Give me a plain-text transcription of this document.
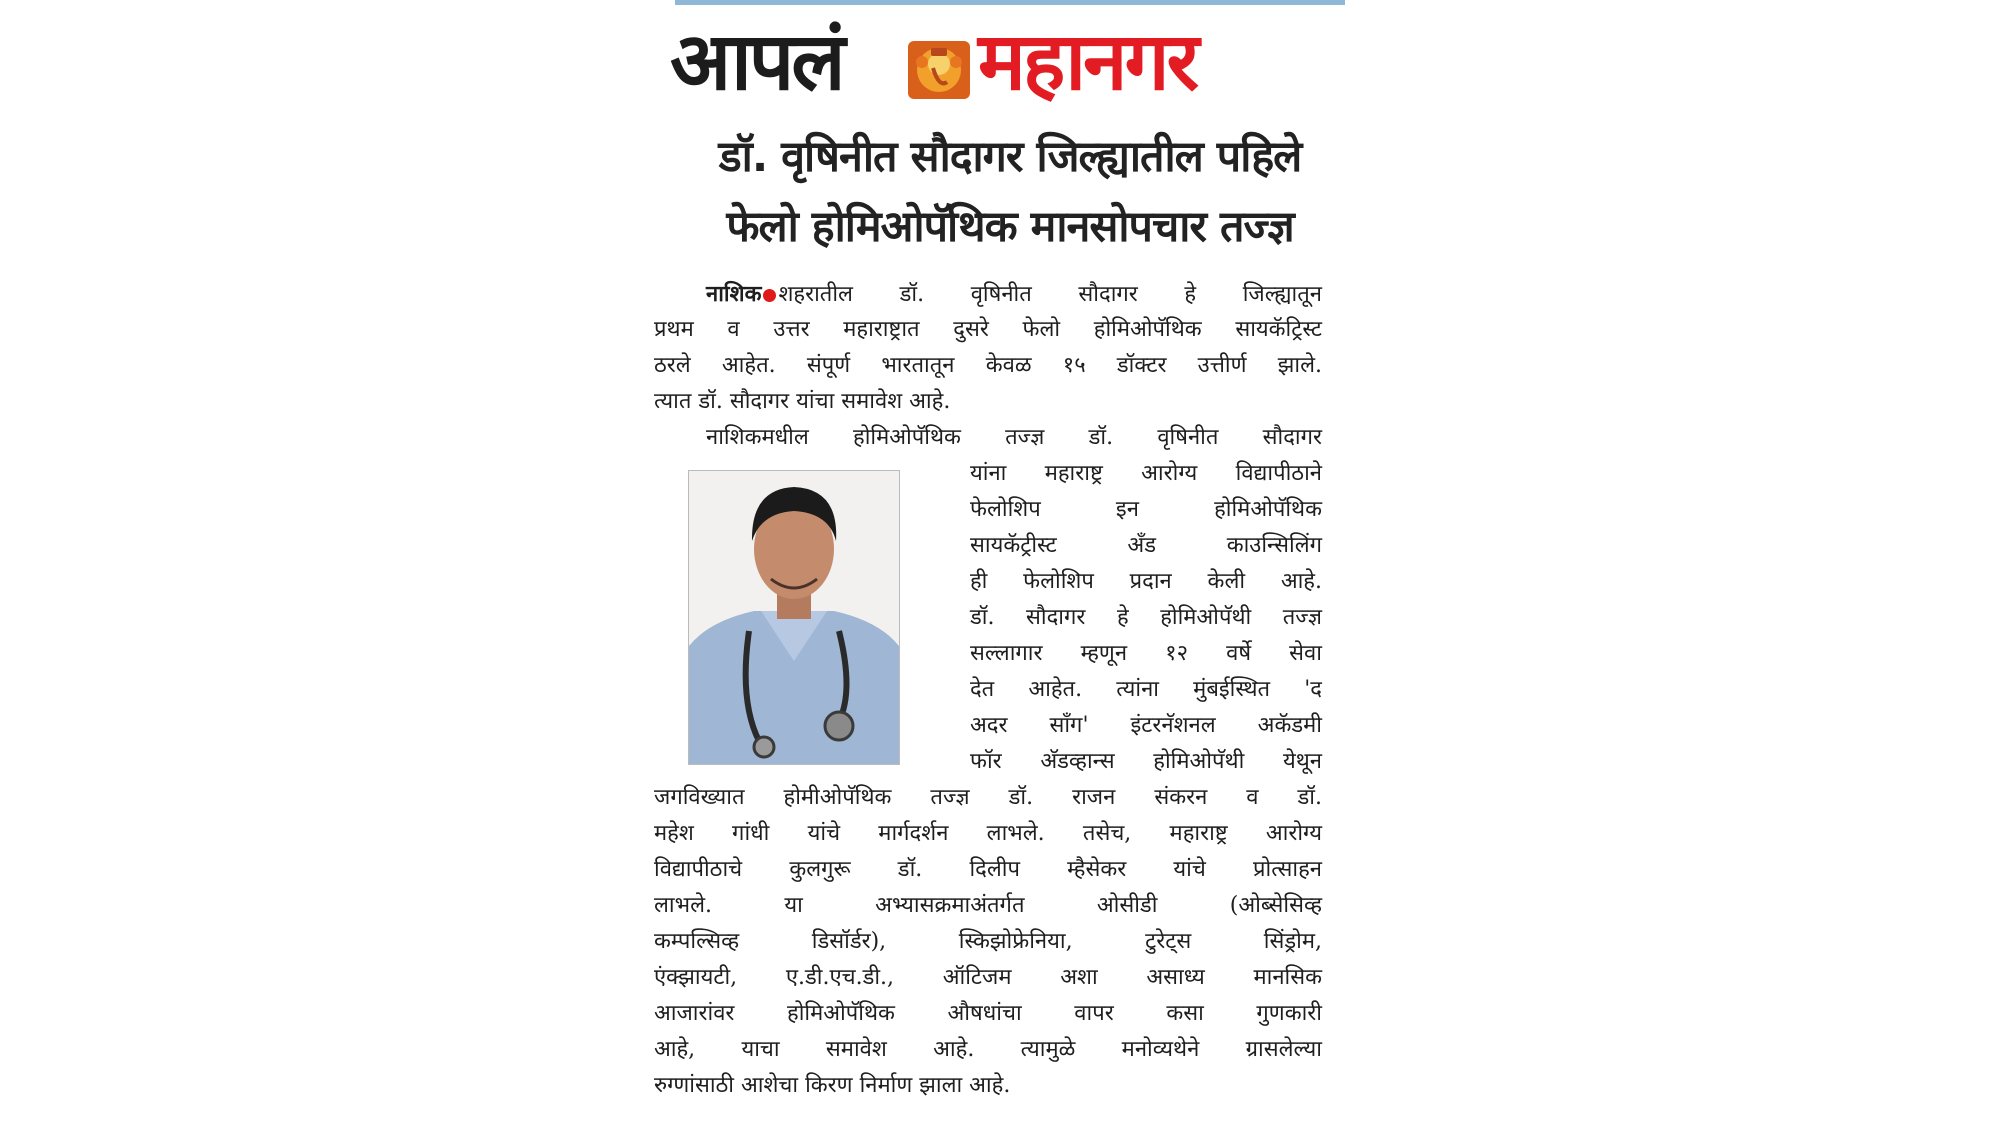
आपलं महानगर
डॉ. वृषिनीत सौदागर जिल्ह्यातील पहिले
फेलो होमिओपॅथिक मानसोपचार तज्ज्ञ
नाशिक शहरातील डॉ. वृषिनीत सौदागर हे जिल्ह्यातून
प्रथम व उत्तर महाराष्ट्रात दुसरे फेलो होमिओपॅथिक सायकॅट्रिस्ट
ठरले आहेत. संपूर्ण भारतातून केवळ १५ डॉक्टर उत्तीर्ण झाले.
त्यात डॉ. सौदागर यांचा समावेश आहे.
नाशिकमधील होमिओपॅथिक तज्ज्ञ डॉ. वृषिनीत सौदागर
यांना महाराष्ट्र आरोग्य विद्यापीठाने
फेलोशिप इन होमिओपॅथिक
सायकॅट्रीस्ट अँड काउन्सिलिंग
ही फेलोशिप प्रदान केली आहे.
डॉ. सौदागर हे होमिओपॅथी तज्ज्ञ
सल्लागार म्हणून १२ वर्षे सेवा
देत आहेत. त्यांना मुंबईस्थित 'द
अदर साँग' इंटरनॅशनल अकॅडमी
फॉर अ‍ॅडव्हान्स होमिओपॅथी येथून
जगविख्यात होमीओपॅथिक तज्ज्ञ डॉ. राजन संकरन व डॉ.
महेश गांधी यांचे मार्गदर्शन लाभले. तसेच, महाराष्ट्र आरोग्य
विद्यापीठाचे कुलगुरू डॉ. दिलीप म्हैसेकर यांचे प्रोत्साहन
लाभले. या अभ्यासक्रमाअंतर्गत ओसीडी (ओब्सेसिव्ह
कम्पल्सिव्ह डिसॉर्डर), स्किझोफ्रेनिया, टुरेट्स सिंड्रोम,
एंक्झायटी, ए.डी.एच.डी., ऑटिजम अशा असाध्य मानसिक
आजारांवर होमिओपॅथिक औषधांचा वापर कसा गुणकारी
आहे, याचा समावेश आहे. त्यामुळे मनोव्यथेने ग्रासलेल्या
रुग्णांसाठी आशेचा किरण निर्माण झाला आहे.
